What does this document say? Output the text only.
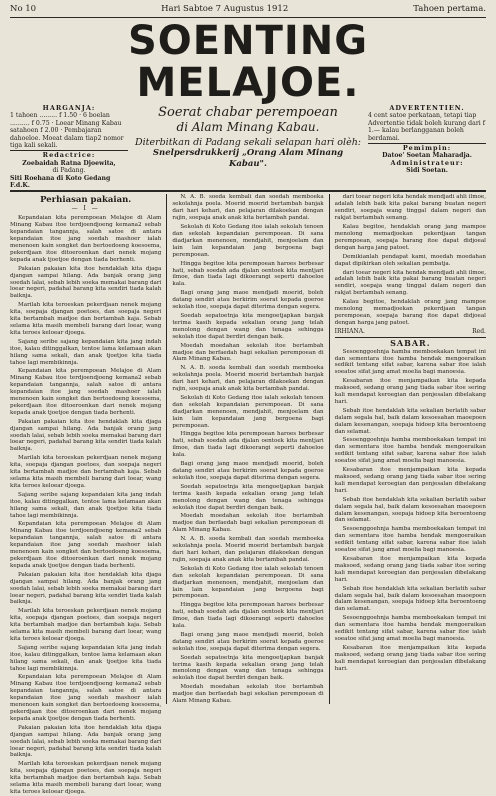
No 10	Hari Sabtoe 7 Augustus 1912	Tahoen pertama.
SOENTING MELAJOE.
HARGANJA:
1 tahoen ......... f 1.50 · 6 boelan .......... f 0.75 · Loear Minang Kabau satahoen f 2.00 · Pembajaran dahoeloe. Moeat dalam tiap2 nomor tiga kali sekali.
Redactrice:
Zoebaidah Ratna Djoewita,
di Padang.
Siti Roehana di Koto Gedang F.d.K.
Soerat chabar perempoean
di Alam Minang Kabau.
Diterbitkan di Padang sekali selapan hari olèh:
Snelpersdrukkerij „Orang Alam Minang Kabau".
ADVERTENTIEN.
4 cent satoe perkataan, tetapi tiap Advertentie tidak boleh kurang dari f 1.— kalau berlangganan boleh berdamai.
Pemimpin:
Datoe' Soetan Maharadja.
Administrateur:
Sidi Soetan.
Perhiasan pakaian.
— I —

Kepandaian kita perempoean Melajoe di Alam Minang Kabau itoe terdjoendjoeng kemana2 sebab kepandaian tangannja, salah satoe di antara kepandaian itoe jang soedah mashoer ialah menenoen kain songket dan bertoedoeng koesoema, pekerdjaan itoe ditoeroenkan dari nenek mojang kepada anak tjoetjoe dengan tiada berhenti.

Pakaian pakaian kita itoe hendaklah kita djaga djangan sampai hilang. Ada banjak orang jang soedah lalai, sebab lebih soeka memakai barang dari loear negeri, padahal barang kita sendiri tiada kalah baiknja.

Marilah kita teroeskan pekerdjaan nenek mojang kita, soepaja djangan poetoes, dan soepaja negeri kita bertambah madjoe dan bertambah kaja. Sebab selama kita masih membeli barang dari loear, wang kita teroes keloear djoega.

Sajang seribe sajang kepandaian kita jang indah itoe, kalau ditinggalkan, tentoe lama kelamaan akan hilang sama sekali, dan anak tjoetjoe kita tiada tahoe lagi membikinnja.

Kepandaian kita perempoean Melajoe di Alam Minang Kabau itoe terdjoendjoeng kemana2 sebab kepandaian tangannja, salah satoe di antara kepandaian itoe jang soedah mashoer ialah menenoen kain songket dan bertoedoeng koesoema, pekerdjaan itoe ditoeroenkan dari nenek mojang kepada anak tjoetjoe dengan tiada berhenti.

Pakaian pakaian kita itoe hendaklah kita djaga djangan sampai hilang. Ada banjak orang jang soedah lalai, sebab lebih soeka memakai barang dari loear negeri, padahal barang kita sendiri tiada kalah baiknja.

Marilah kita teroeskan pekerdjaan nenek mojang kita, soepaja djangan poetoes, dan soepaja negeri kita bertambah madjoe dan bertambah kaja. Sebab selama kita masih membeli barang dari loear, wang kita teroes keloear djoega.

Sajang seribe sajang kepandaian kita jang indah itoe, kalau ditinggalkan, tentoe lama kelamaan akan hilang sama sekali, dan anak tjoetjoe kita tiada tahoe lagi membikinnja.

Kepandaian kita perempoean Melajoe di Alam Minang Kabau itoe terdjoendjoeng kemana2 sebab kepandaian tangannja, salah satoe di antara kepandaian itoe jang soedah mashoer ialah menenoen kain songket dan bertoedoeng koesoema, pekerdjaan itoe ditoeroenkan dari nenek mojang kepada anak tjoetjoe dengan tiada berhenti.

Pakaian pakaian kita itoe hendaklah kita djaga djangan sampai hilang. Ada banjak orang jang soedah lalai, sebab lebih soeka memakai barang dari loear negeri, padahal barang kita sendiri tiada kalah baiknja.

Marilah kita teroeskan pekerdjaan nenek mojang kita, soepaja djangan poetoes, dan soepaja negeri kita bertambah madjoe dan bertambah kaja. Sebab selama kita masih membeli barang dari loear, wang kita teroes keloear djoega.

Sajang seribe sajang kepandaian kita jang indah itoe, kalau ditinggalkan, tentoe lama kelamaan akan hilang sama sekali, dan anak tjoetjoe kita tiada tahoe lagi membikinnja.

Kepandaian kita perempoean Melajoe di Alam Minang Kabau itoe terdjoendjoeng kemana2 sebab kepandaian tangannja, salah satoe di antara kepandaian itoe jang soedah mashoer ialah menenoen kain songket dan bertoedoeng koesoema, pekerdjaan itoe ditoeroenkan dari nenek mojang kepada anak tjoetjoe dengan tiada berhenti.

Pakaian pakaian kita itoe hendaklah kita djaga djangan sampai hilang. Ada banjak orang jang soedah lalai, sebab lebih soeka memakai barang dari loear negeri, padahal barang kita sendiri tiada kalah baiknja.

Marilah kita teroeskan pekerdjaan nenek mojang kita, soepaja djangan poetoes, dan soepaja negeri kita bertambah madjoe dan bertambah kaja. Sebab selama kita masih membeli barang dari loear, wang kita teroes keloear djoega.

N. A. B. soeda kembali dan soedah memboeka sekolahnja poela. Moerid moerid bertambah banjak dari hari kehari, dan pelajaran dilakoekan dengan rajin, soepaja anak anak kita bertambah pandai.

Sekolah di Koto Gedang itoe ialah sekolah tenoen dan sekolah kepandaian perempoean. Di sana diadjarkan menenoen, mendjahit, menjoelam dan lain lain kepandaian jang bergoena bagi perempoean.

Hingga begitoe kita perempoean haroes berbesar hati, sebab soedah ada djalan oentoek kita mentjari ilmoe, dan tiada lagi dikoerangi seperti dahoeloe kala.

Bagi orang jang maoe mendjadi moerid, boleh datang sendiri atau berkirim soerat kepada goeroe sekolah itoe, soepaja dapat diterima dengan segera.

Soedah sepatoetnja kita mengoetjapkan banjak terima kasih kepada sekalian orang jang telah menolong dengan wang dan tenaga sehingga sekolah itoe dapat berdiri dengan baik.

Moedah moedahan sekolah itoe bertambah madjoe dan berfaedah bagi sekalian perempoean di Alam Minang Kabau.

N. A. B. soeda kembali dan soedah memboeka sekolahnja poela. Moerid moerid bertambah banjak dari hari kehari, dan pelajaran dilakoekan dengan rajin, soepaja anak anak kita bertambah pandai.

Sekolah di Koto Gedang itoe ialah sekolah tenoen dan sekolah kepandaian perempoean. Di sana diadjarkan menenoen, mendjahit, menjoelam dan lain lain kepandaian jang bergoena bagi perempoean.

Hingga begitoe kita perempoean haroes berbesar hati, sebab soedah ada djalan oentoek kita mentjari ilmoe, dan tiada lagi dikoerangi seperti dahoeloe kala.

Bagi orang jang maoe mendjadi moerid, boleh datang sendiri atau berkirim soerat kepada goeroe sekolah itoe, soepaja dapat diterima dengan segera.

Soedah sepatoetnja kita mengoetjapkan banjak terima kasih kepada sekalian orang jang telah menolong dengan wang dan tenaga sehingga sekolah itoe dapat berdiri dengan baik.

Moedah moedahan sekolah itoe bertambah madjoe dan berfaedah bagi sekalian perempoean di Alam Minang Kabau.

N. A. B. soeda kembali dan soedah memboeka sekolahnja poela. Moerid moerid bertambah banjak dari hari kehari, dan pelajaran dilakoekan dengan rajin, soepaja anak anak kita bertambah pandai.

Sekolah di Koto Gedang itoe ialah sekolah tenoen dan sekolah kepandaian perempoean. Di sana diadjarkan menenoen, mendjahit, menjoelam dan lain lain kepandaian jang bergoena bagi perempoean.

Hingga begitoe kita perempoean haroes berbesar hati, sebab soedah ada djalan oentoek kita mentjari ilmoe, dan tiada lagi dikoerangi seperti dahoeloe kala.

Bagi orang jang maoe mendjadi moerid, boleh datang sendiri atau berkirim soerat kepada goeroe sekolah itoe, soepaja dapat diterima dengan segera.

Soedah sepatoetnja kita mengoetjapkan banjak terima kasih kepada sekalian orang jang telah menolong dengan wang dan tenaga sehingga sekolah itoe dapat berdiri dengan baik.

Moedah moedahan sekolah itoe bertambah madjoe dan berfaedah bagi sekalian perempoean di Alam Minang Kabau.

dari toear negeri kita hendak mendjadi ahli ilmoe, adalah lebih baik kita pakai barang buatan negeri sendiri, soepaja wang tinggal dalam negeri dan rakjat bertambah senang.

Kalau begitoe, hendaklah orang jang mampoe menolong memadjoekan pekerdjaan tangan perempoean, soepaja barang itoe dapat didjoeal dengan harga jang patoet.

Demikianlah pendapat kami, moedah moedahan dapat dipikirkan oleh sekalian pembatja.

dari toear negeri kita hendak mendjadi ahli ilmoe, adalah lebih baik kita pakai barang buatan negeri sendiri, soepaja wang tinggal dalam negeri dan rakjat bertambah senang.

Kalau begitoe, hendaklah orang jang mampoe menolong memadjoekan pekerdjaan tangan perempoean, soepaja barang itoe dapat didjoeal dengan harga jang patoet.

IRHIANA.	Red.
SABAR.

Sesoenggoehnja hamba memboekakan tempat ini dan sementara itoe hamba hendak mengoeraikan sedikit tentang sifat sabar, karena sabar itoe ialah soeatoe sifat jang amat moelia bagi manoesia.

Kesabaran itoe menjampaikan kita kepada maksoed, sedang orang jang tiada sabar itoe sering kali mendapat keroegian dan penjesalan dibelakang hari.

Sebab itoe hendaklah kita sekalian berlatih sabar dalam segala hal, baik dalam kesoesahan maoepoen dalam kesenangan, soepaja hidoep kita beroentoeng dan selamat.

Sesoenggoehnja hamba memboekakan tempat ini dan sementara itoe hamba hendak mengoeraikan sedikit tentang sifat sabar, karena sabar itoe ialah soeatoe sifat jang amat moelia bagi manoesia.

Kesabaran itoe menjampaikan kita kepada maksoed, sedang orang jang tiada sabar itoe sering kali mendapat keroegian dan penjesalan dibelakang hari.

Sebab itoe hendaklah kita sekalian berlatih sabar dalam segala hal, baik dalam kesoesahan maoepoen dalam kesenangan, soepaja hidoep kita beroentoeng dan selamat.

Sesoenggoehnja hamba memboekakan tempat ini dan sementara itoe hamba hendak mengoeraikan sedikit tentang sifat sabar, karena sabar itoe ialah soeatoe sifat jang amat moelia bagi manoesia.

Kesabaran itoe menjampaikan kita kepada maksoed, sedang orang jang tiada sabar itoe sering kali mendapat keroegian dan penjesalan dibelakang hari.

Sebab itoe hendaklah kita sekalian berlatih sabar dalam segala hal, baik dalam kesoesahan maoepoen dalam kesenangan, soepaja hidoep kita beroentoeng dan selamat.

Sesoenggoehnja hamba memboekakan tempat ini dan sementara itoe hamba hendak mengoeraikan sedikit tentang sifat sabar, karena sabar itoe ialah soeatoe sifat jang amat moelia bagi manoesia.

Kesabaran itoe menjampaikan kita kepada maksoed, sedang orang jang tiada sabar itoe sering kali mendapat keroegian dan penjesalan dibelakang hari.
